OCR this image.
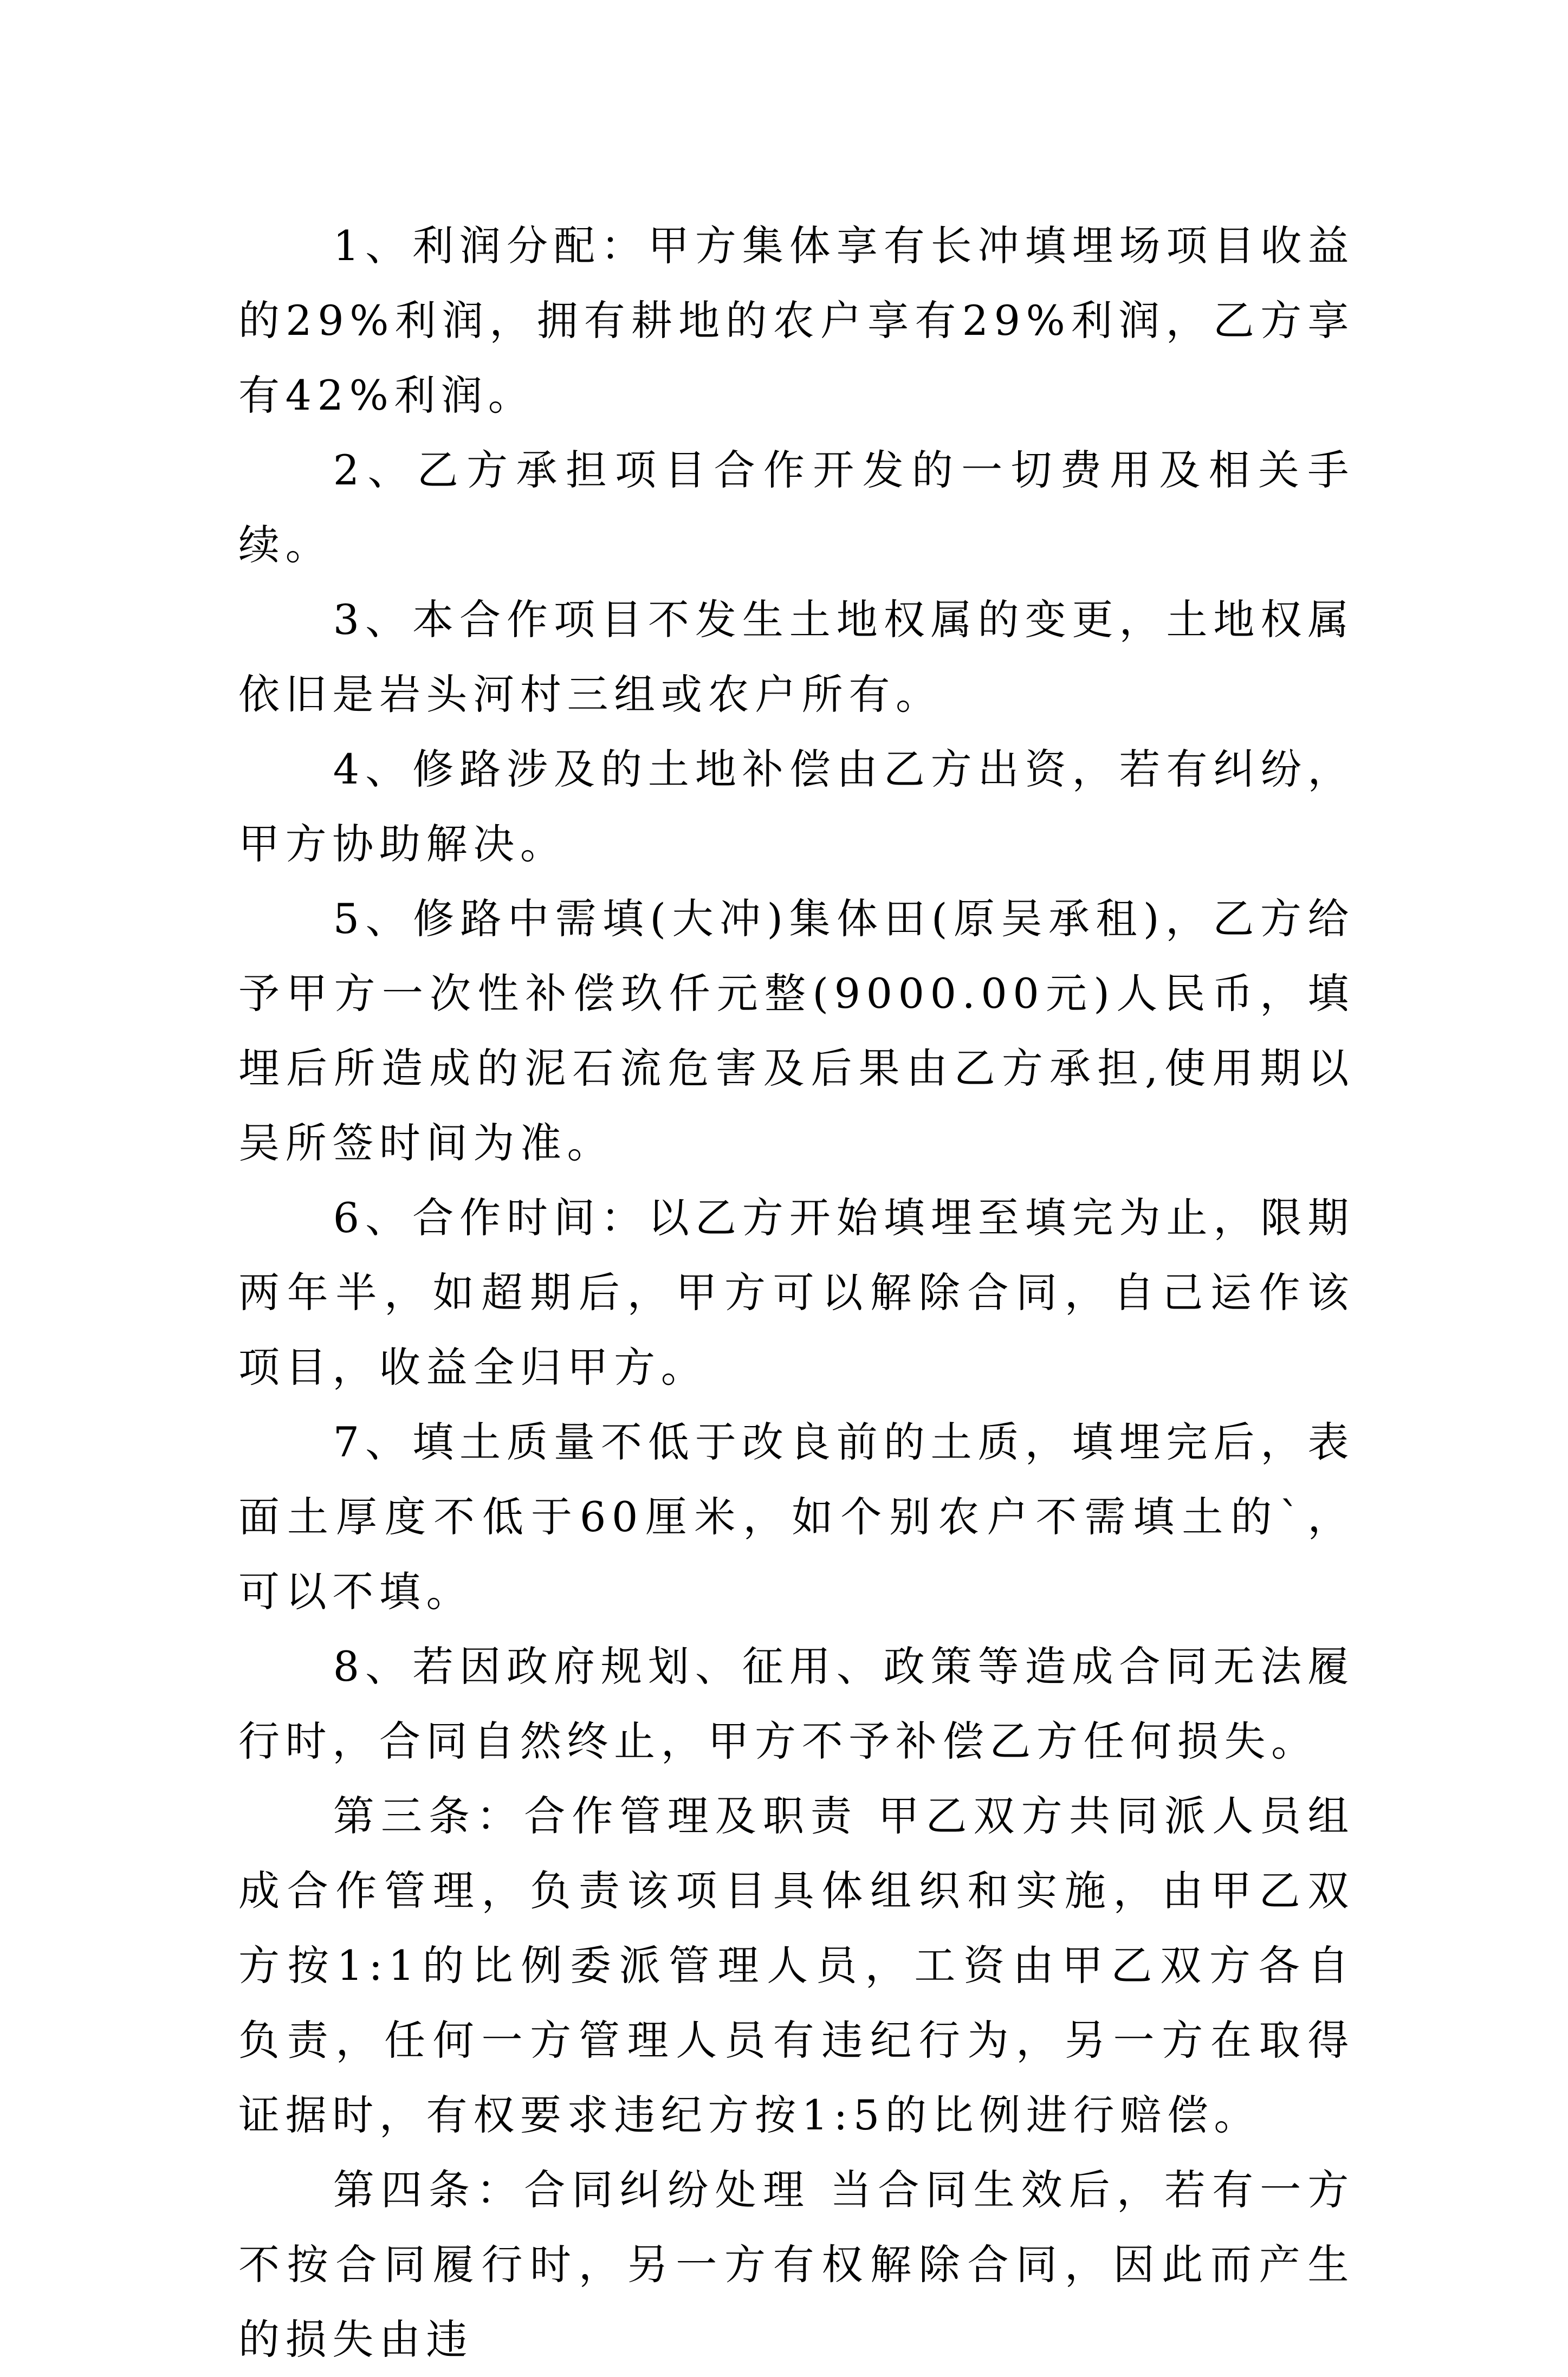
1、利润分配：甲方集体享有长冲填埋场项目收益的29%利润，拥有耕地的农户享有29%利润，乙方享有42%利润。

2、乙方承担项目合作开发的一切费用及相关手续。

3、本合作项目不发生土地权属的变更，土地权属依旧是岩头河村三组或农户所有。

4、修路涉及的土地补偿由乙方出资，若有纠纷，甲方协助解决。

5、修路中需填(大冲)集体田(原吴承租)，乙方给予甲方一次性补偿玖仟元整(9000.00元)人民币，填埋后所造成的泥石流危害及后果由乙方承担,使用期以吴所签时间为准。

6、合作时间：以乙方开始填埋至填完为止，限期两年半，如超期后，甲方可以解除合同，自己运作该项目，收益全归甲方。

7、填土质量不低于改良前的土质，填埋完后，表面土厚度不低于60厘米，如个别农户不需填土的`，可以不填。

8、若因政府规划、征用、政策等造成合同无法履行时，合同自然终止，甲方不予补偿乙方任何损失。

第三条：合作管理及职责 甲乙双方共同派人员组成合作管理，负责该项目具体组织和实施，由甲乙双方按1:1的比例委派管理人员，工资由甲乙双方各自负责，任何一方管理人员有违纪行为，另一方在取得证据时，有权要求违纪方按1:5的比例进行赔偿。

第四条：合同纠纷处理 当合同生效后，若有一方不按合同履行时，另一方有权解除合同，因此而产生的损失由违
